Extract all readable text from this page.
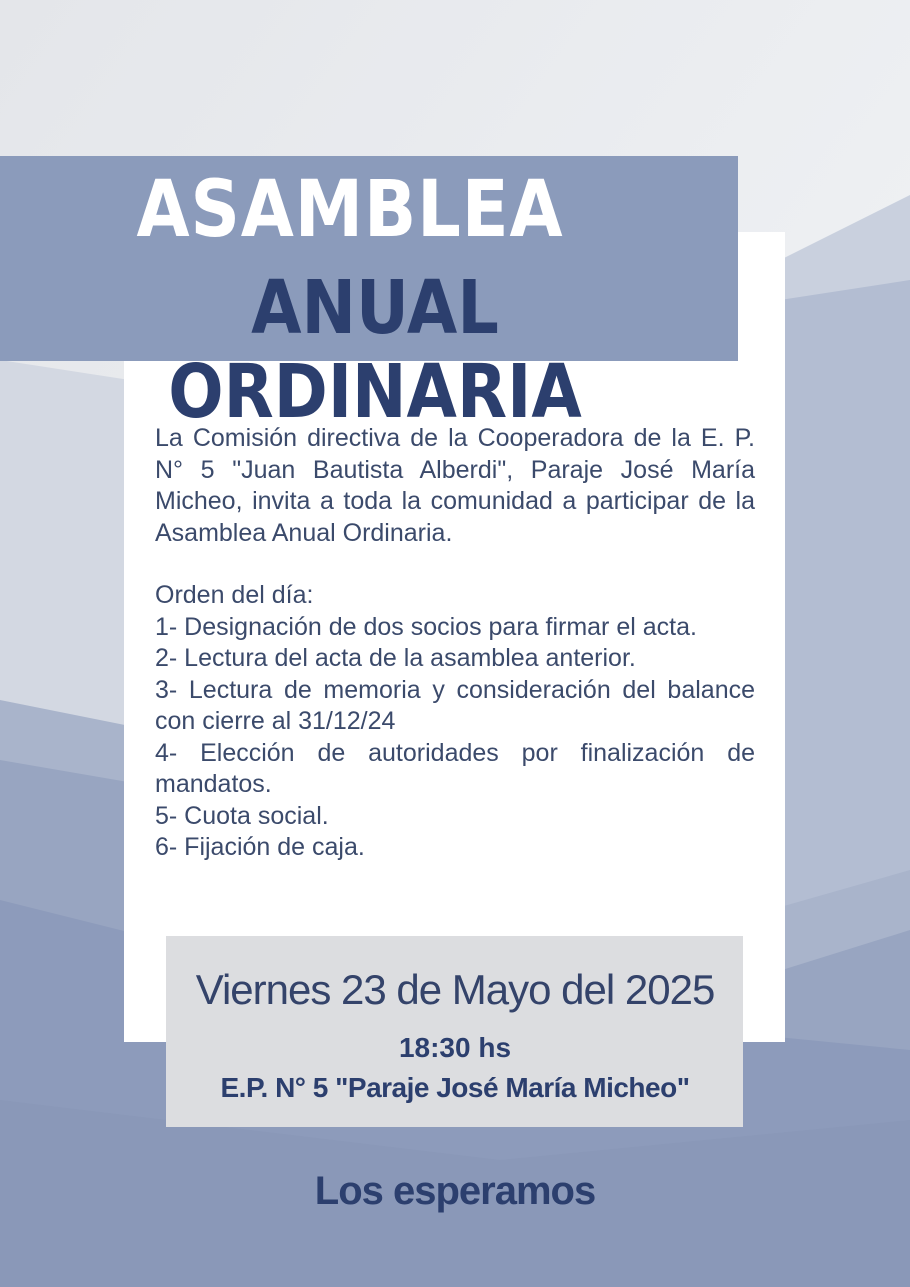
ASAMBLEA
ANUAL ORDINARIA

La Comisión directiva de la Cooperadora de la E. P. N° 5 "Juan Bautista Alberdi", Paraje José María Micheo, invita a toda la comunidad a participar de la Asamblea Anual Ordinaria.

Orden del día:

1- Designación de dos socios para firmar el acta.
2- Lectura del acta de la asamblea anterior.
3- Lectura de memoria y consideración del balance con cierre al 31/12/24
4- Elección de autoridades por finalización de mandatos.
5- Cuota social.
6- Fijación de caja.
Viernes 23 de Mayo del 2025
18:30 hs
E.P. N° 5 "Paraje José María Micheo"
Los esperamos
